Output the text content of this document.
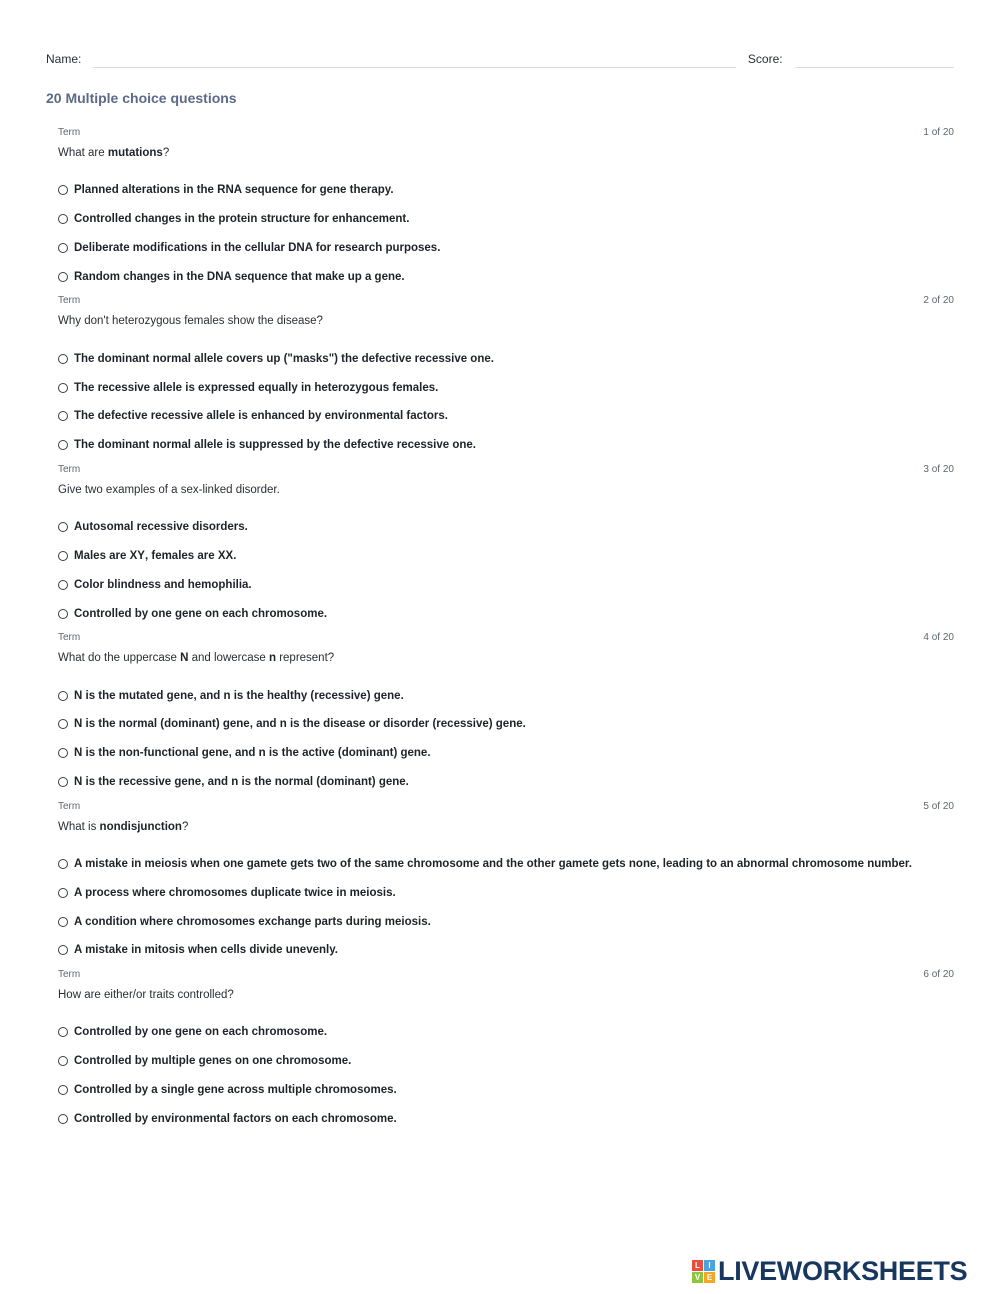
Name:	Score:
20 Multiple choice questions
Term	1 of 20
What are mutations?
Planned alterations in the RNA sequence for gene therapy.
Controlled changes in the protein structure for enhancement.
Deliberate modifications in the cellular DNA for research purposes.
Random changes in the DNA sequence that make up a gene.
Term	2 of 20
Why don't heterozygous females show the disease?
The dominant normal allele covers up ("masks") the defective recessive one.
The recessive allele is expressed equally in heterozygous females.
The defective recessive allele is enhanced by environmental factors.
The dominant normal allele is suppressed by the defective recessive one.
Term	3 of 20
Give two examples of a sex-linked disorder.
Autosomal recessive disorders.
Males are XY, females are XX.
Color blindness and hemophilia.
Controlled by one gene on each chromosome.
Term	4 of 20
What do the uppercase N and lowercase n represent?
N is the mutated gene, and n is the healthy (recessive) gene.
N is the normal (dominant) gene, and n is the disease or disorder (recessive) gene.
N is the non-functional gene, and n is the active (dominant) gene.
N is the recessive gene, and n is the normal (dominant) gene.
Term	5 of 20
What is nondisjunction?
A mistake in meiosis when one gamete gets two of the same chromosome and the other gamete gets none, leading to an abnormal chromosome number.
A process where chromosomes duplicate twice in meiosis.
A condition where chromosomes exchange parts during meiosis.
A mistake in mitosis when cells divide unevenly.
Term	6 of 20
How are either/or traits controlled?
Controlled by one gene on each chromosome.
Controlled by multiple genes on one chromosome.
Controlled by a single gene across multiple chromosomes.
Controlled by environmental factors on each chromosome.
L	I
V E LIVEWORKSHEETS
